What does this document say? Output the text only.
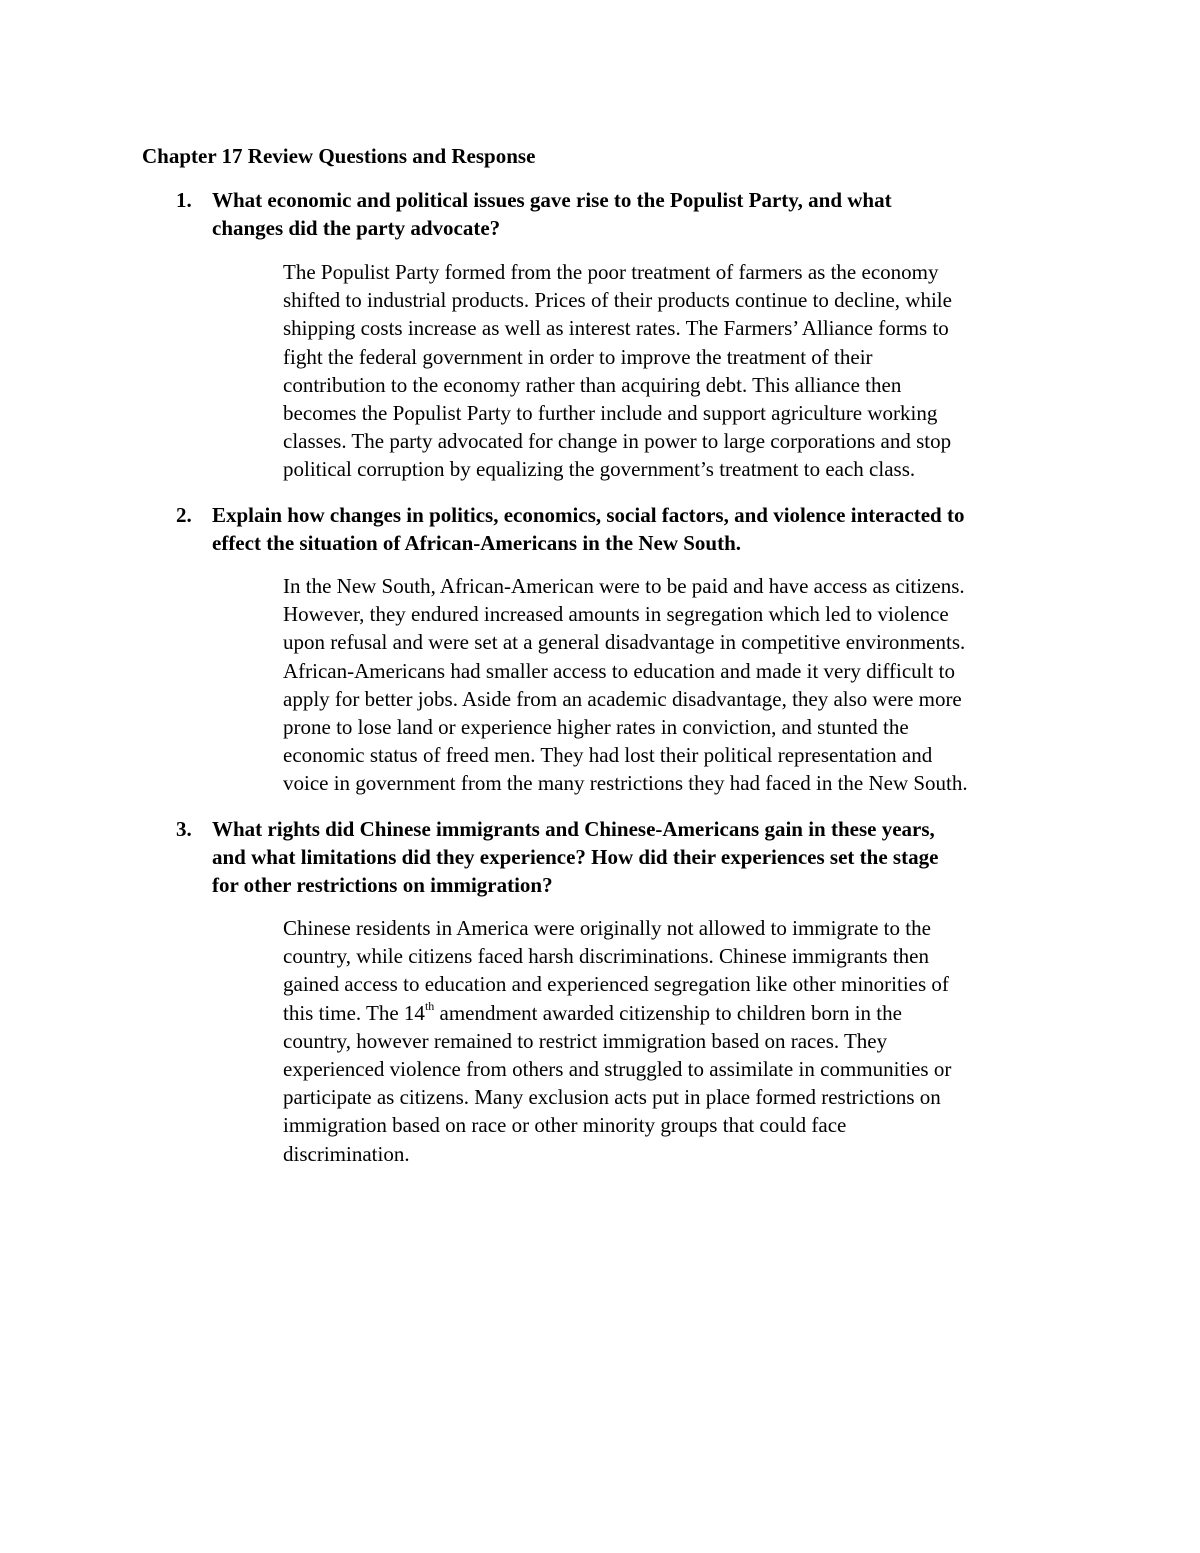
Chapter 17 Review Questions and Response
1. What economic and political issues gave rise to the Populist Party, and what
changes did the party advocate?
The Populist Party formed from the poor treatment of farmers as the economy
shifted to industrial products. Prices of their products continue to decline, while
shipping costs increase as well as interest rates. The Farmers’ Alliance forms to
fight the federal government in order to improve the treatment of their
contribution to the economy rather than acquiring debt. This alliance then
becomes the Populist Party to further include and support agriculture working
classes. The party advocated for change in power to large corporations and stop
political corruption by equalizing the government’s treatment to each class.
2. Explain how changes in politics, economics, social factors, and violence interacted to
effect the situation of African-Americans in the New South.
In the New South, African-American were to be paid and have access as citizens.
However, they endured increased amounts in segregation which led to violence
upon refusal and were set at a general disadvantage in competitive environments.
African-Americans had smaller access to education and made it very difficult to
apply for better jobs. Aside from an academic disadvantage, they also were more
prone to lose land or experience higher rates in conviction, and stunted the
economic status of freed men. They had lost their political representation and
voice in government from the many restrictions they had faced in the New South.
3. What rights did Chinese immigrants and Chinese-Americans gain in these years,
and what limitations did they experience? How did their experiences set the stage
for other restrictions on immigration?
Chinese residents in America were originally not allowed to immigrate to the
country, while citizens faced harsh discriminations. Chinese immigrants then
gained access to education and experienced segregation like other minorities of
this time. The 14th amendment awarded citizenship to children born in the
country, however remained to restrict immigration based on races. They
experienced violence from others and struggled to assimilate in communities or
participate as citizens. Many exclusion acts put in place formed restrictions on
immigration based on race or other minority groups that could face
discrimination.
